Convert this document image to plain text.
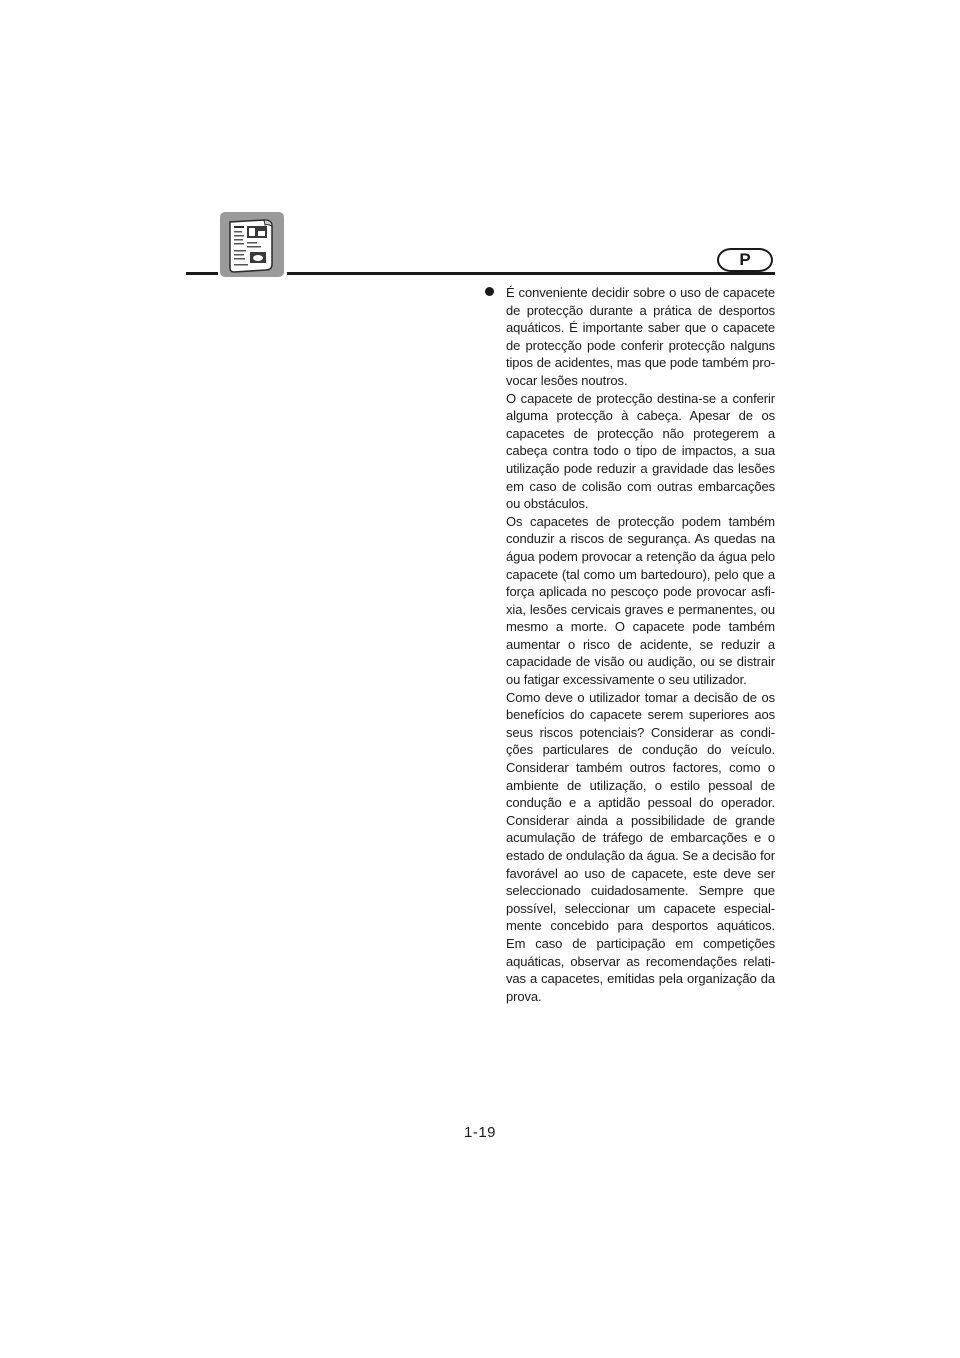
P

É conveniente decidir sobre o uso de capacete de protecção durante a prática de desportos aquáticos. É importante saber que o capacete de protecção pode conferir protecção nalguns tipos de acidentes, mas que pode também pro- vocar lesões noutros.

O capacete de protecção destina-se a conferir alguma protecção à cabeça. Apesar de os capacetes de protecção não protegerem a cabeça contra todo o tipo de impactos, a sua utilização pode reduzir a gravidade das lesões em caso de colisão com outras embarcações ou obstáculos.

Os capacetes de protecção podem também conduzir a riscos de segurança. As quedas na água podem provocar a retenção da água pelo capacete (tal como um bartedouro), pelo que a força aplicada no pescoço pode provocar asfi- xia, lesões cervicais graves e permanentes, ou mesmo a morte. O capacete pode também aumentar o risco de acidente, se reduzir a capacidade de visão ou audição, ou se distrair ou fatigar excessivamente o seu utilizador.

Como deve o utilizador tomar a decisão de os benefícios do capacete serem superiores aos seus riscos potenciais? Considerar as condi- ções particulares de condução do veículo. Considerar também outros factores, como o ambiente de utilização, o estilo pessoal de condução e a aptidão pessoal do operador. Considerar ainda a possibilidade de grande acumulação de tráfego de embarcações e o estado de ondulação da água. Se a decisão for favorável ao uso de capacete, este deve ser seleccionado cuidadosamente. Sempre que possível, seleccionar um capacete especial- mente concebido para desportos aquáticos. Em caso de participação em competições aquáticas, observar as recomendações relati- vas a capacetes, emitidas pela organização da prova.

1-19
